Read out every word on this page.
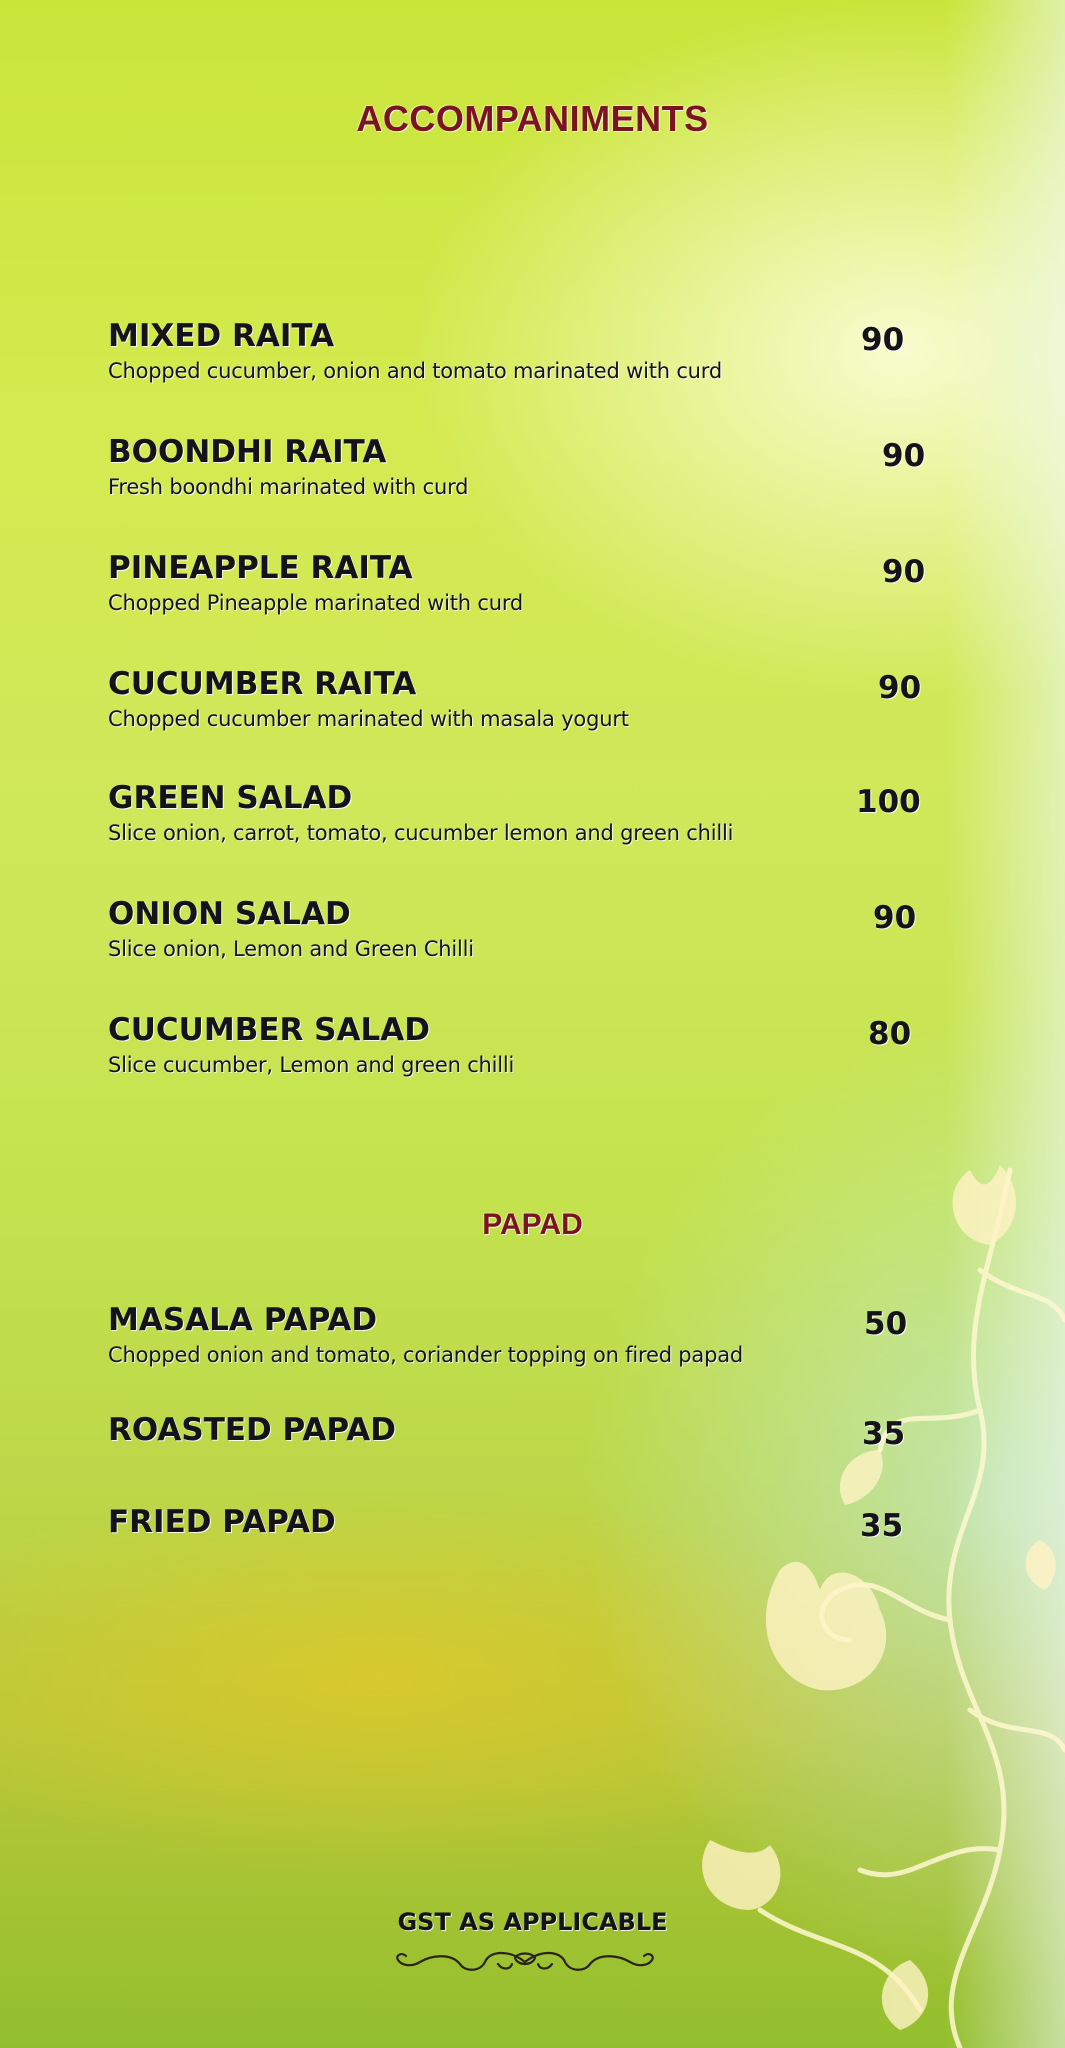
ACCOMPANIMENTS
MIXED RAITA
Chopped cucumber, onion and tomato marinated with curd
90
BOONDHI RAITA
Fresh boondhi marinated with curd
90
PINEAPPLE RAITA
Chopped Pineapple marinated with curd
90
CUCUMBER RAITA
Chopped cucumber marinated with masala yogurt
90
GREEN SALAD
Slice onion, carrot, tomato, cucumber lemon and green chilli
100
ONION SALAD
Slice onion, Lemon and Green Chilli
90
CUCUMBER SALAD
Slice cucumber, Lemon and green chilli
80
PAPAD
MASALA PAPAD
Chopped onion and tomato, coriander topping on fired papad
50
ROASTED PAPAD	35
FRIED PAPAD	35
GST AS APPLICABLE
